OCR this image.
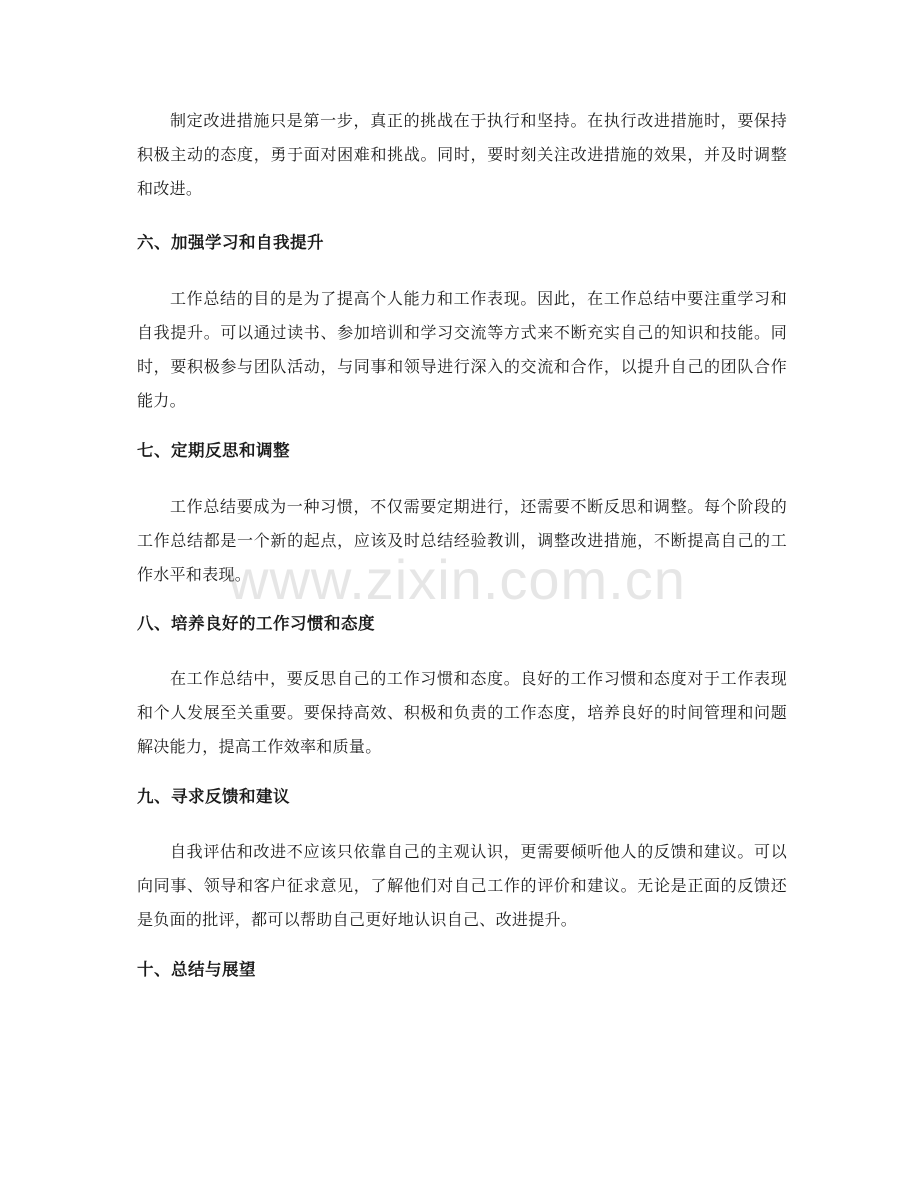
制定改进措施只是第一步，真正的挑战在于执行和坚持。在执行改进措施时，要保持积极主动的态度，勇于面对困难和挑战。同时，要时刻关注改进措施的效果，并及时调整和改进。

六、加强学习和自我提升

工作总结的目的是为了提高个人能力和工作表现。因此，在工作总结中要注重学习和自我提升。可以通过读书、参加培训和学习交流等方式来不断充实自己的知识和技能。同时，要积极参与团队活动，与同事和领导进行深入的交流和合作，以提升自己的团队合作能力。

七、定期反思和调整

工作总结要成为一种习惯，不仅需要定期进行，还需要不断反思和调整。每个阶段的工作总结都是一个新的起点，应该及时总结经验教训，调整改进措施，不断提高自己的工作水平和表现。

八、培养良好的工作习惯和态度

在工作总结中，要反思自己的工作习惯和态度。良好的工作习惯和态度对于工作表现和个人发展至关重要。要保持高效、积极和负责的工作态度，培养良好的时间管理和问题解决能力，提高工作效率和质量。

九、寻求反馈和建议

自我评估和改进不应该只依靠自己的主观认识，更需要倾听他人的反馈和建议。可以向同事、领导和客户征求意见，了解他们对自己工作的评价和建议。无论是正面的反馈还是负面的批评，都可以帮助自己更好地认识自己、改进提升。

十、总结与展望
www.zixin.com.cn
